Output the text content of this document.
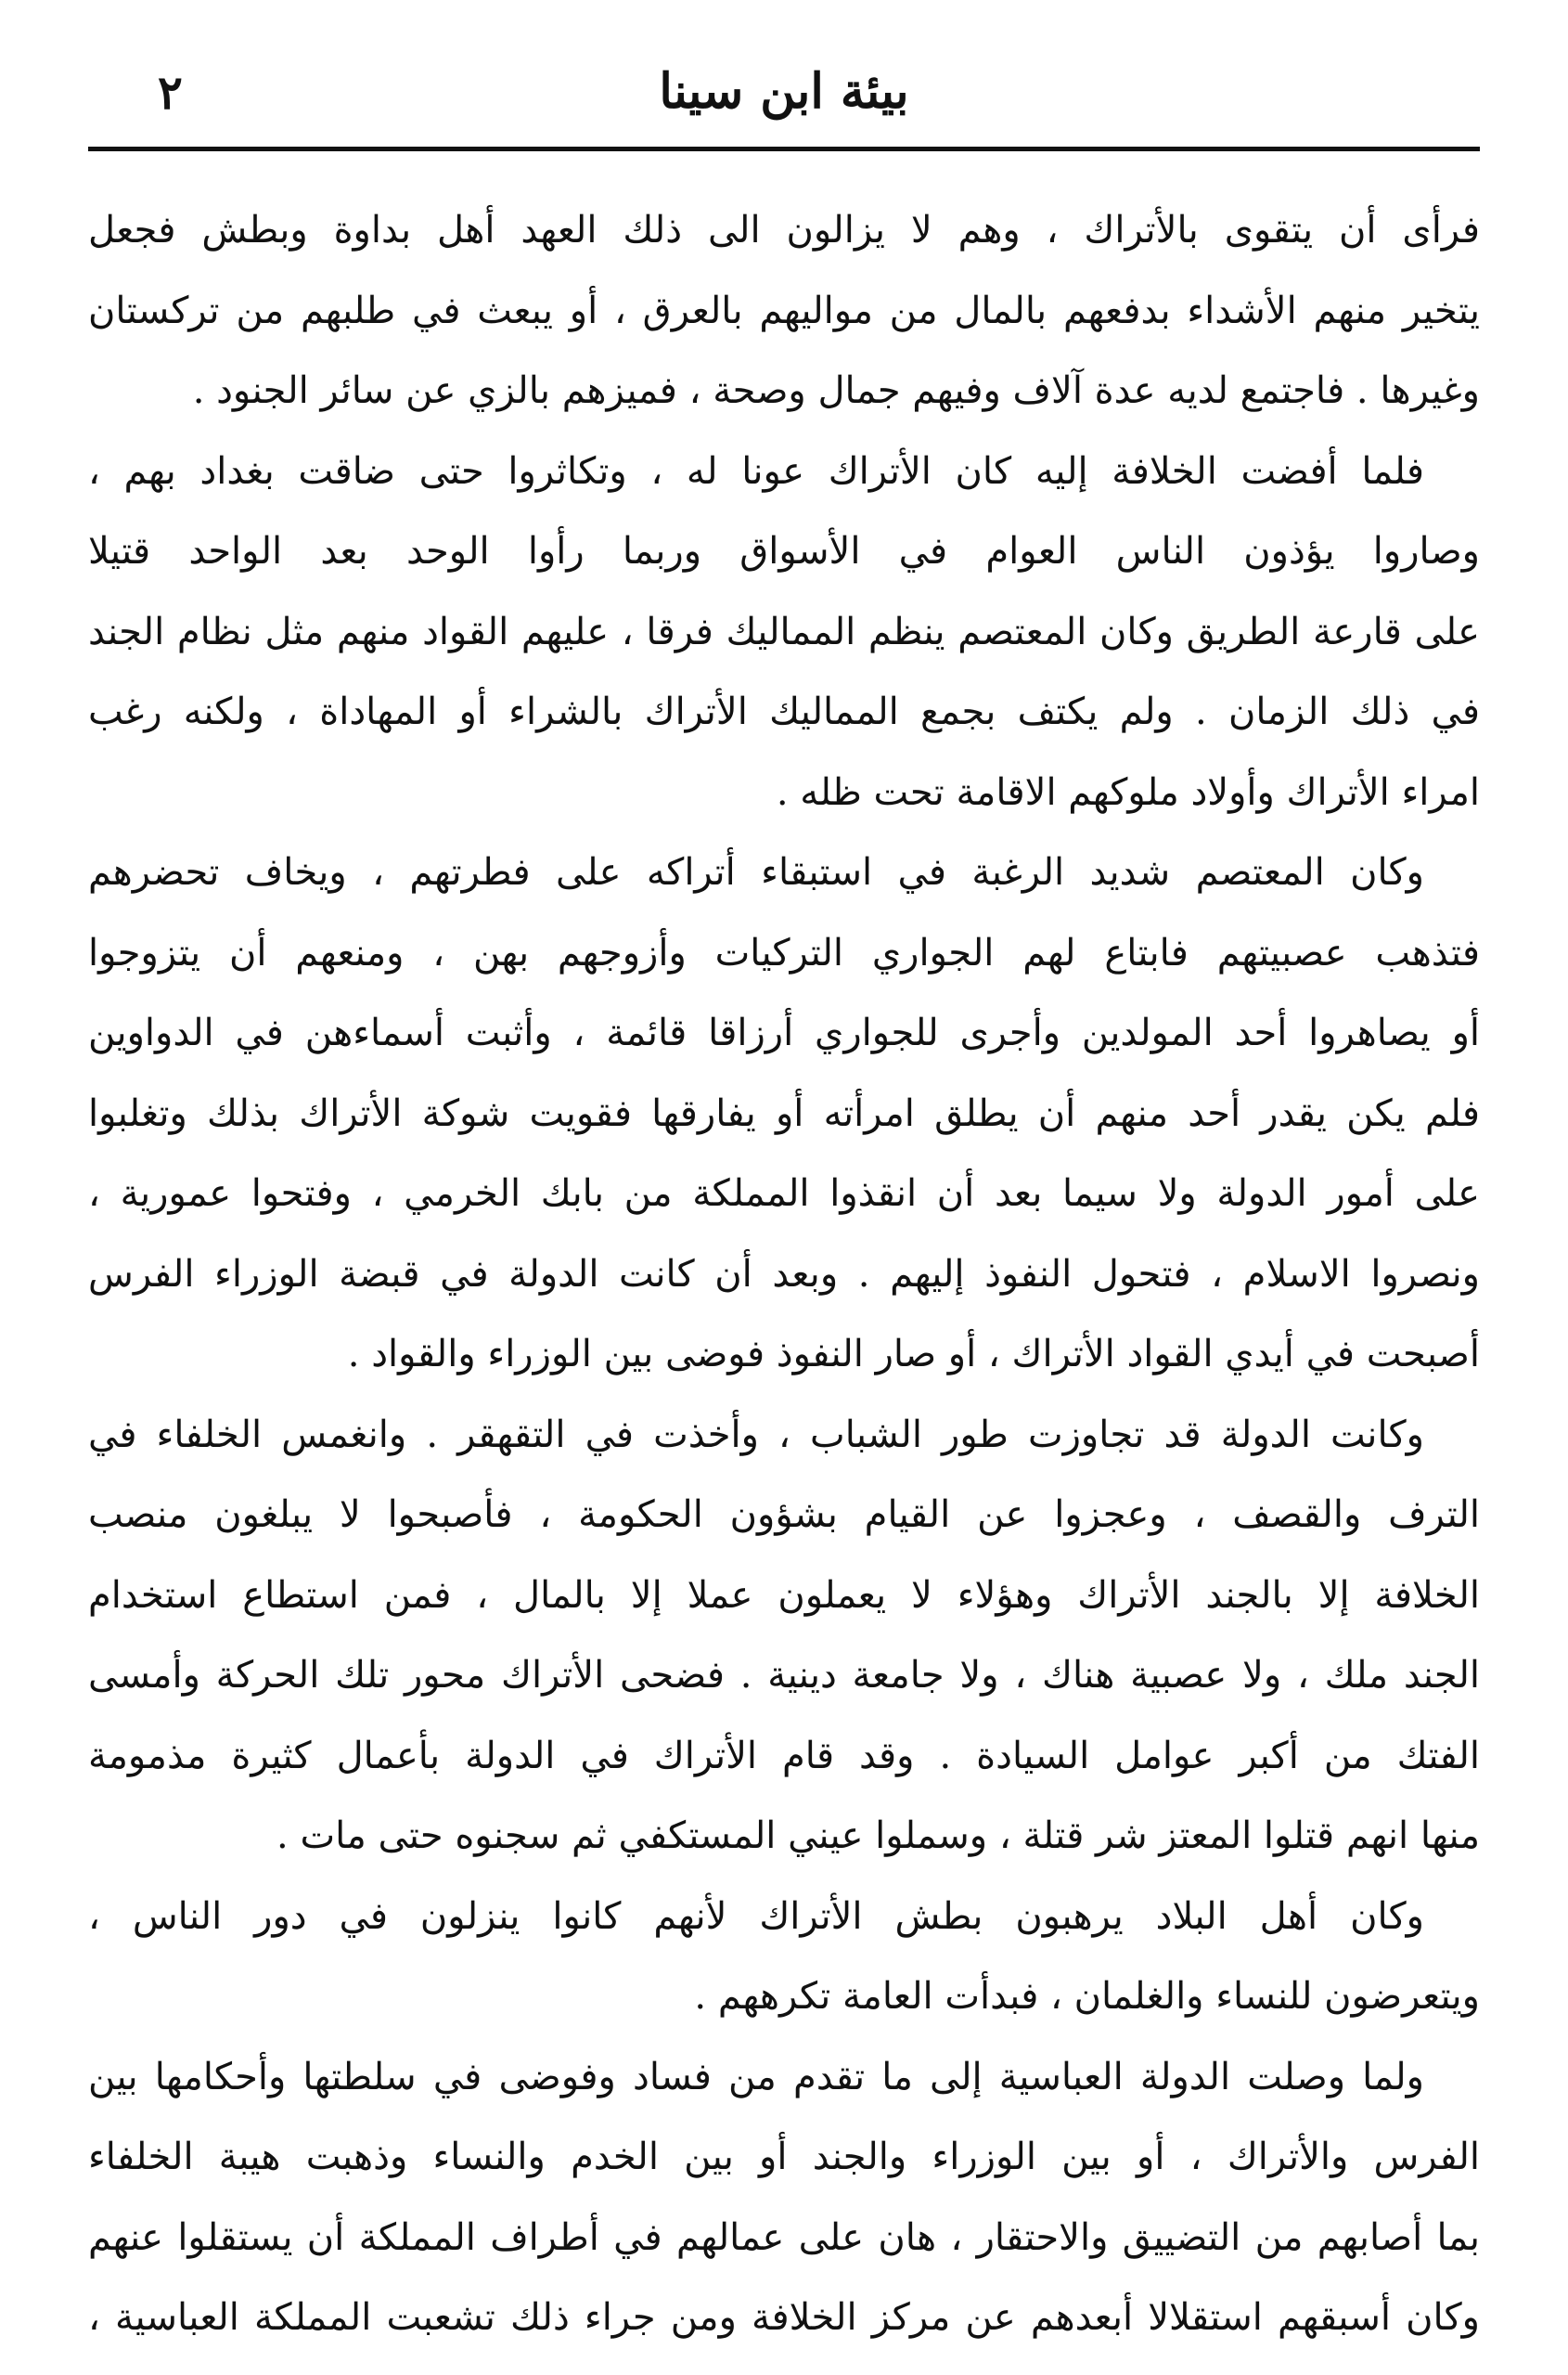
بيئة ابن سينا
٢
فرأى أن يتقوى بالأتراك ، وهم لا يزالون الى ذلك العهد أهل بداوة وبطش فجعل
يتخير منهم الأشداء بدفعهم بالمال من مواليهم بالعرق ، أو يبعث في طلبهم من تركستان
وغيرها . فاجتمع لديه عدة آلاف وفيهم جمال وصحة ، فميزهم بالزي عن سائر الجنود .
فلما أفضت الخلافة إليه كان الأتراك عونا له ، وتكاثروا حتى ضاقت بغداد بهم ،
وصاروا يؤذون الناس العوام في الأسواق وربما رأوا الوحد بعد الواحد قتيلا
على قارعة الطريق وكان المعتصم ينظم المماليك فرقا ، عليهم القواد منهم مثل نظام الجند
في ذلك الزمان . ولم يكتف بجمع المماليك الأتراك بالشراء أو المهاداة ، ولكنه رغب
امراء الأتراك وأولاد ملوكهم الاقامة تحت ظله .
وكان المعتصم شديد الرغبة في استبقاء أتراكه على فطرتهم ، ويخاف تحضرهم
فتذهب عصبيتهم فابتاع لهم الجواري التركيات وأزوجهم بهن ، ومنعهم أن يتزوجوا
أو يصاهروا أحد المولدين وأجرى للجواري أرزاقا قائمة ، وأثبت أسماءهن في الدواوين
فلم يكن يقدر أحد منهم أن يطلق امرأته أو يفارقها فقويت شوكة الأتراك بذلك وتغلبوا
على أمور الدولة ولا سيما بعد أن انقذوا المملكة من بابك الخرمي ، وفتحوا عمورية ،
ونصروا الاسلام ، فتحول النفوذ إليهم . وبعد أن كانت الدولة في قبضة الوزراء الفرس
أصبحت في أيدي القواد الأتراك ، أو صار النفوذ فوضى بين الوزراء والقواد .
وكانت الدولة قد تجاوزت طور الشباب ، وأخذت في التقهقر . وانغمس الخلفاء في
الترف والقصف ، وعجزوا عن القيام بشؤون الحكومة ، فأصبحوا لا يبلغون منصب
الخلافة إلا بالجند الأتراك وهؤلاء لا يعملون عملا إلا بالمال ، فمن استطاع استخدام
الجند ملك ، ولا عصبية هناك ، ولا جامعة دينية . فضحى الأتراك محور تلك الحركة وأمسى
الفتك من أكبر عوامل السيادة . وقد قام الأتراك في الدولة بأعمال كثيرة مذمومة
منها انهم قتلوا المعتز شر قتلة ، وسملوا عيني المستكفي ثم سجنوه حتى مات .
وكان أهل البلاد يرهبون بطش الأتراك لأنهم كانوا ينزلون في دور الناس ،
ويتعرضون للنساء والغلمان ، فبدأت العامة تكرههم .
ولما وصلت الدولة العباسية إلى ما تقدم من فساد وفوضى في سلطتها وأحكامها بين
الفرس والأتراك ، أو بين الوزراء والجند أو بين الخدم والنساء وذهبت هيبة الخلفاء
بما أصابهم من التضييق والاحتقار ، هان على عمالهم في أطراف المملكة أن يستقلوا عنهم
وكان أسبقهم استقلالا أبعدهم عن مركز الخلافة ومن جراء ذلك تشعبت المملكة العباسية ،
